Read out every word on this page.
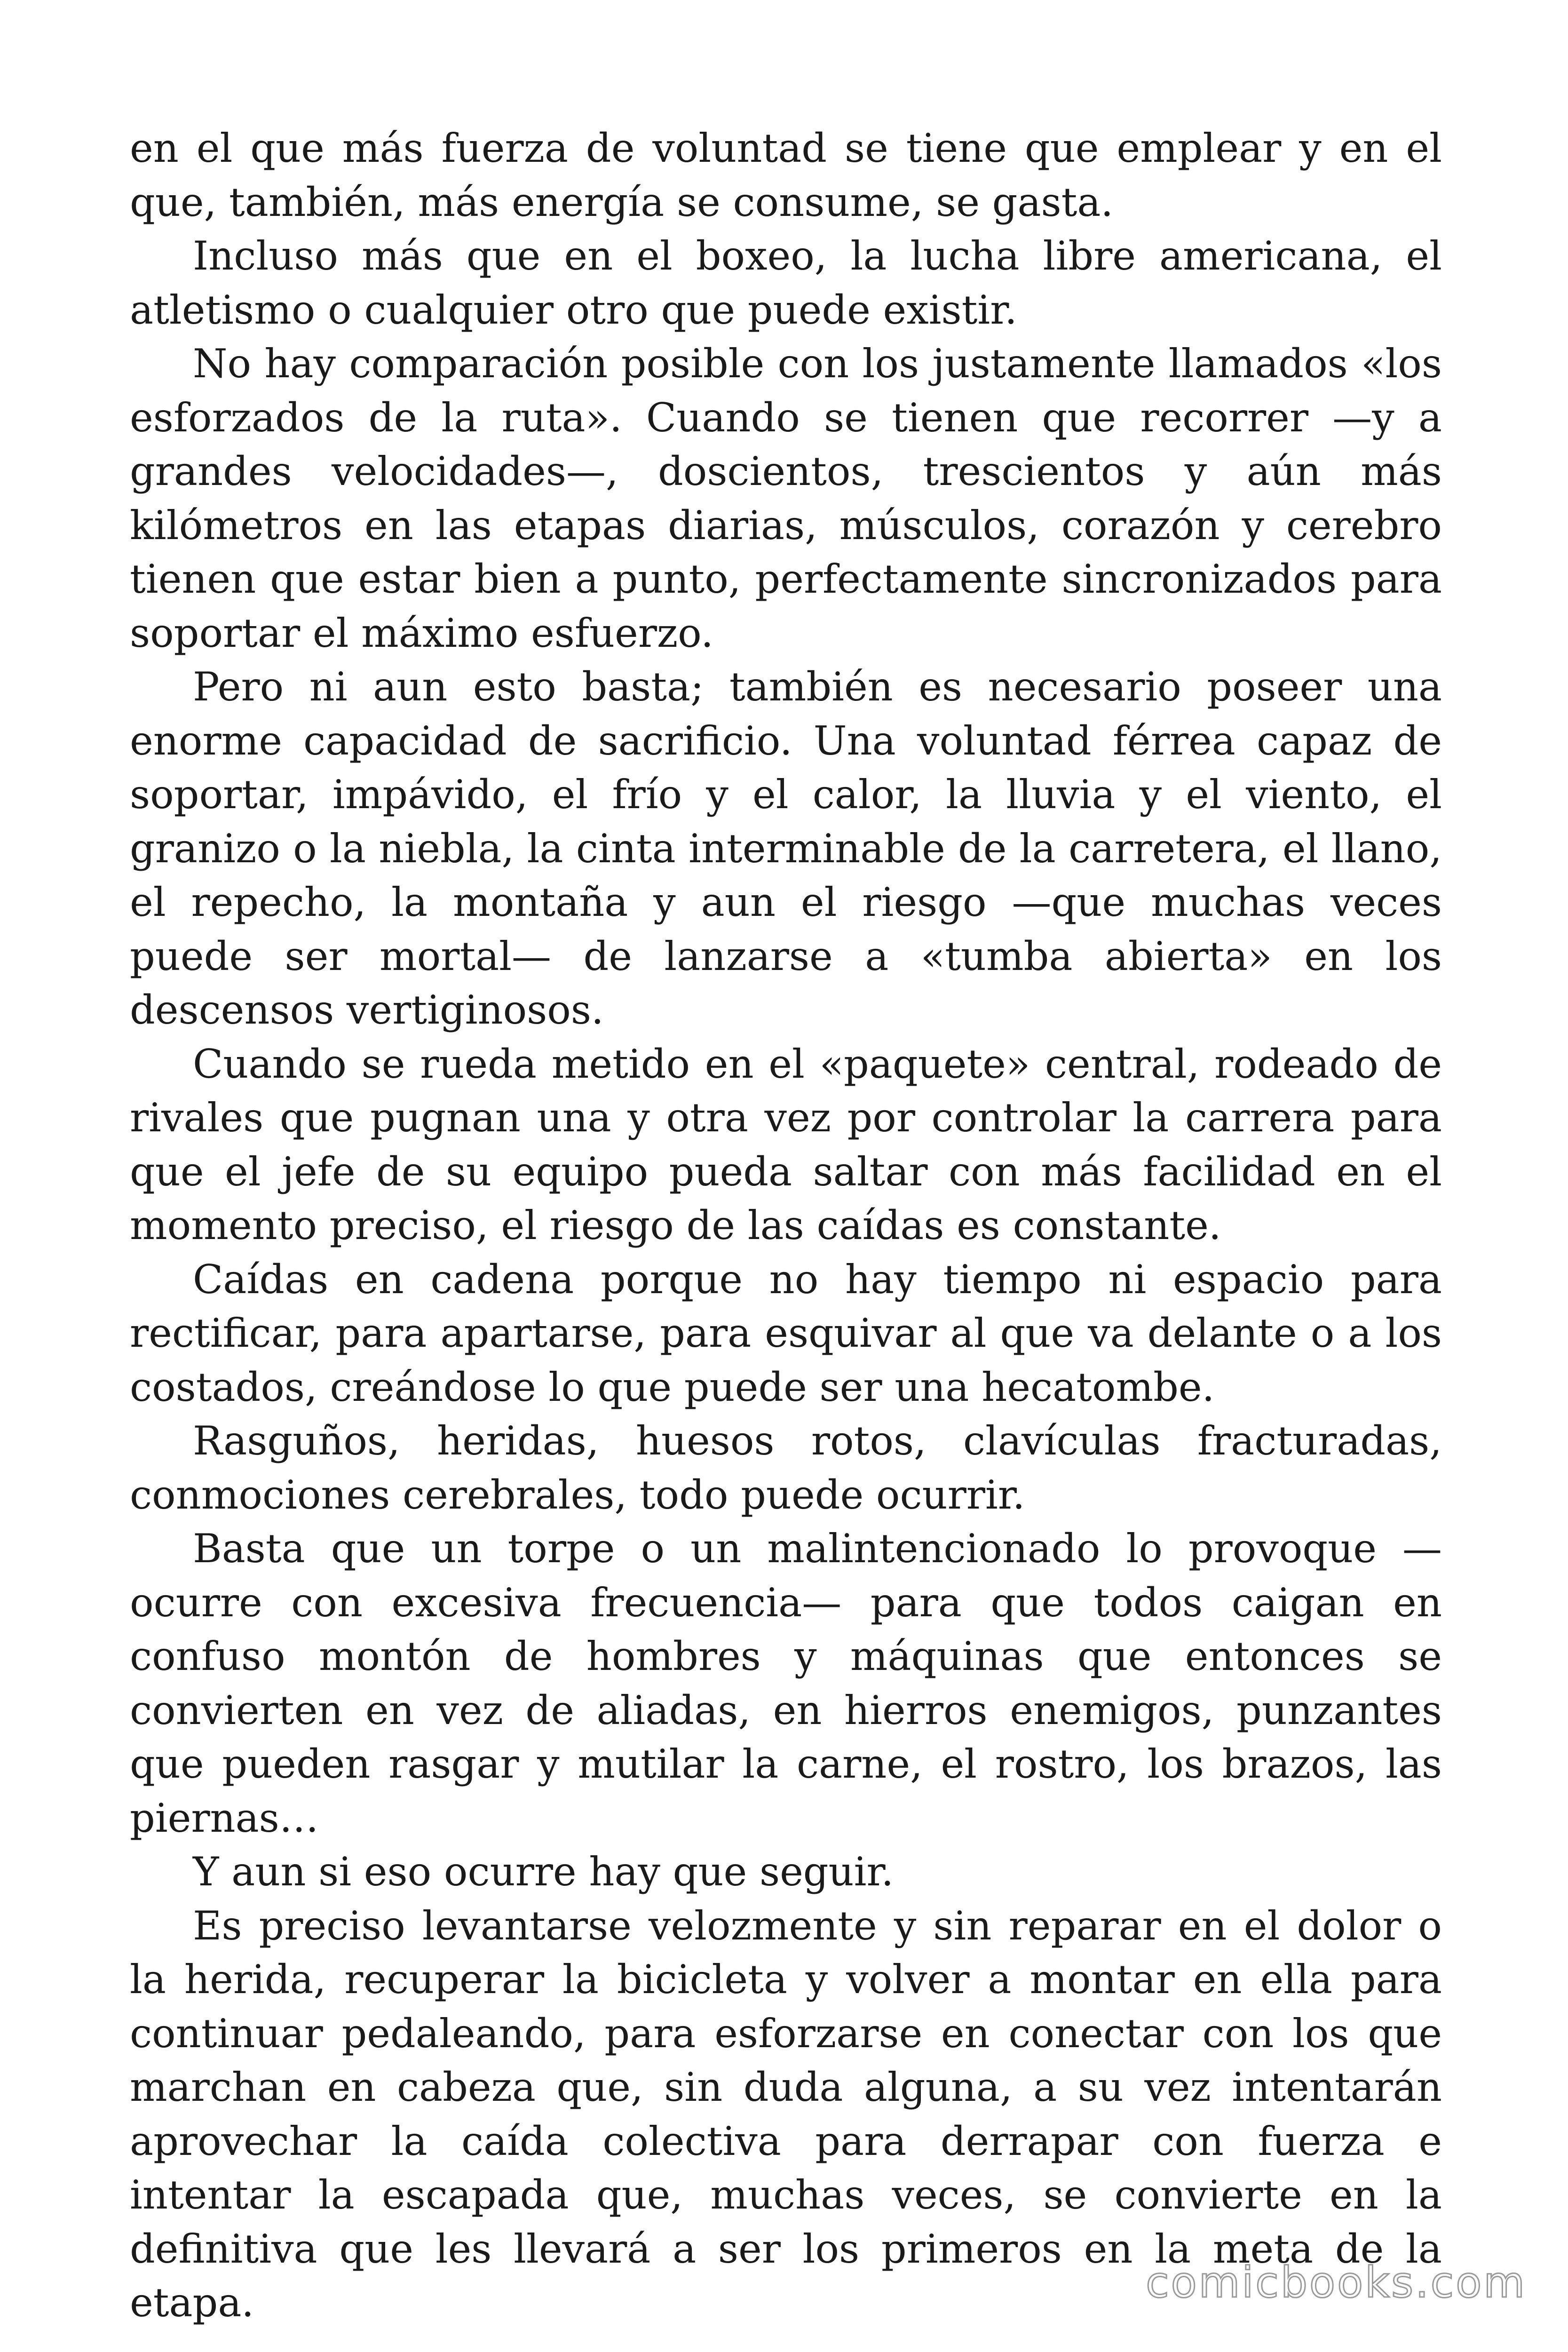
en el que más fuerza de voluntad se tiene que emplear y en el que, también, más energía se consume, se gasta.

Incluso más que en el boxeo, la lucha libre americana, el atletismo o cualquier otro que puede existir.

No hay comparación posible con los justamente llamados «los esforzados de la ruta». Cuando se tienen que recorrer —y a grandes velocidades—, doscientos, trescientos y aún más kilómetros en las etapas diarias, músculos, corazón y cerebro tienen que estar bien a punto, perfectamente sincronizados para soportar el máximo esfuerzo.

Pero ni aun esto basta; también es necesario poseer una enorme capacidad de sacrificio. Una voluntad férrea capaz de soportar, impávido, el frío y el calor, la lluvia y el viento, el granizo o la niebla, la cinta interminable de la carretera, el llano, el repecho, la montaña y aun el riesgo —que muchas veces puede ser mortal— de lanzarse a «tumba abierta» en los descensos vertiginosos.

Cuando se rueda metido en el «paquete» central, rodeado de rivales que pugnan una y otra vez por controlar la carrera para que el jefe de su equipo pueda saltar con más facilidad en el momento preciso, el riesgo de las caídas es constante.

Caídas en cadena porque no hay tiempo ni espacio para rectificar, para apartarse, para esquivar al que va delante o a los costados, creándose lo que puede ser una hecatombe.

Rasguños, heridas, huesos rotos, clavículas fracturadas, conmociones cerebrales, todo puede ocurrir.

Basta que un torpe o un malintencionado lo provoque —ocurre con excesiva frecuencia— para que todos caigan en confuso montón de hombres y máquinas que entonces se convierten en vez de aliadas, en hierros enemigos, punzantes que pueden rasgar y mutilar la carne, el rostro, los brazos, las piernas…

Y aun si eso ocurre hay que seguir.

Es preciso levantarse velozmente y sin reparar en el dolor o la herida, recuperar la bicicleta y volver a montar en ella para continuar pedaleando, para esforzarse en conectar con los que marchan en cabeza que, sin duda alguna, a su vez intentarán aprovechar la caída colectiva para derrapar con fuerza e intentar la escapada que, muchas veces, se convierte en la definitiva que les llevará a ser los primeros en la meta de la etapa.	comicbooks.com
